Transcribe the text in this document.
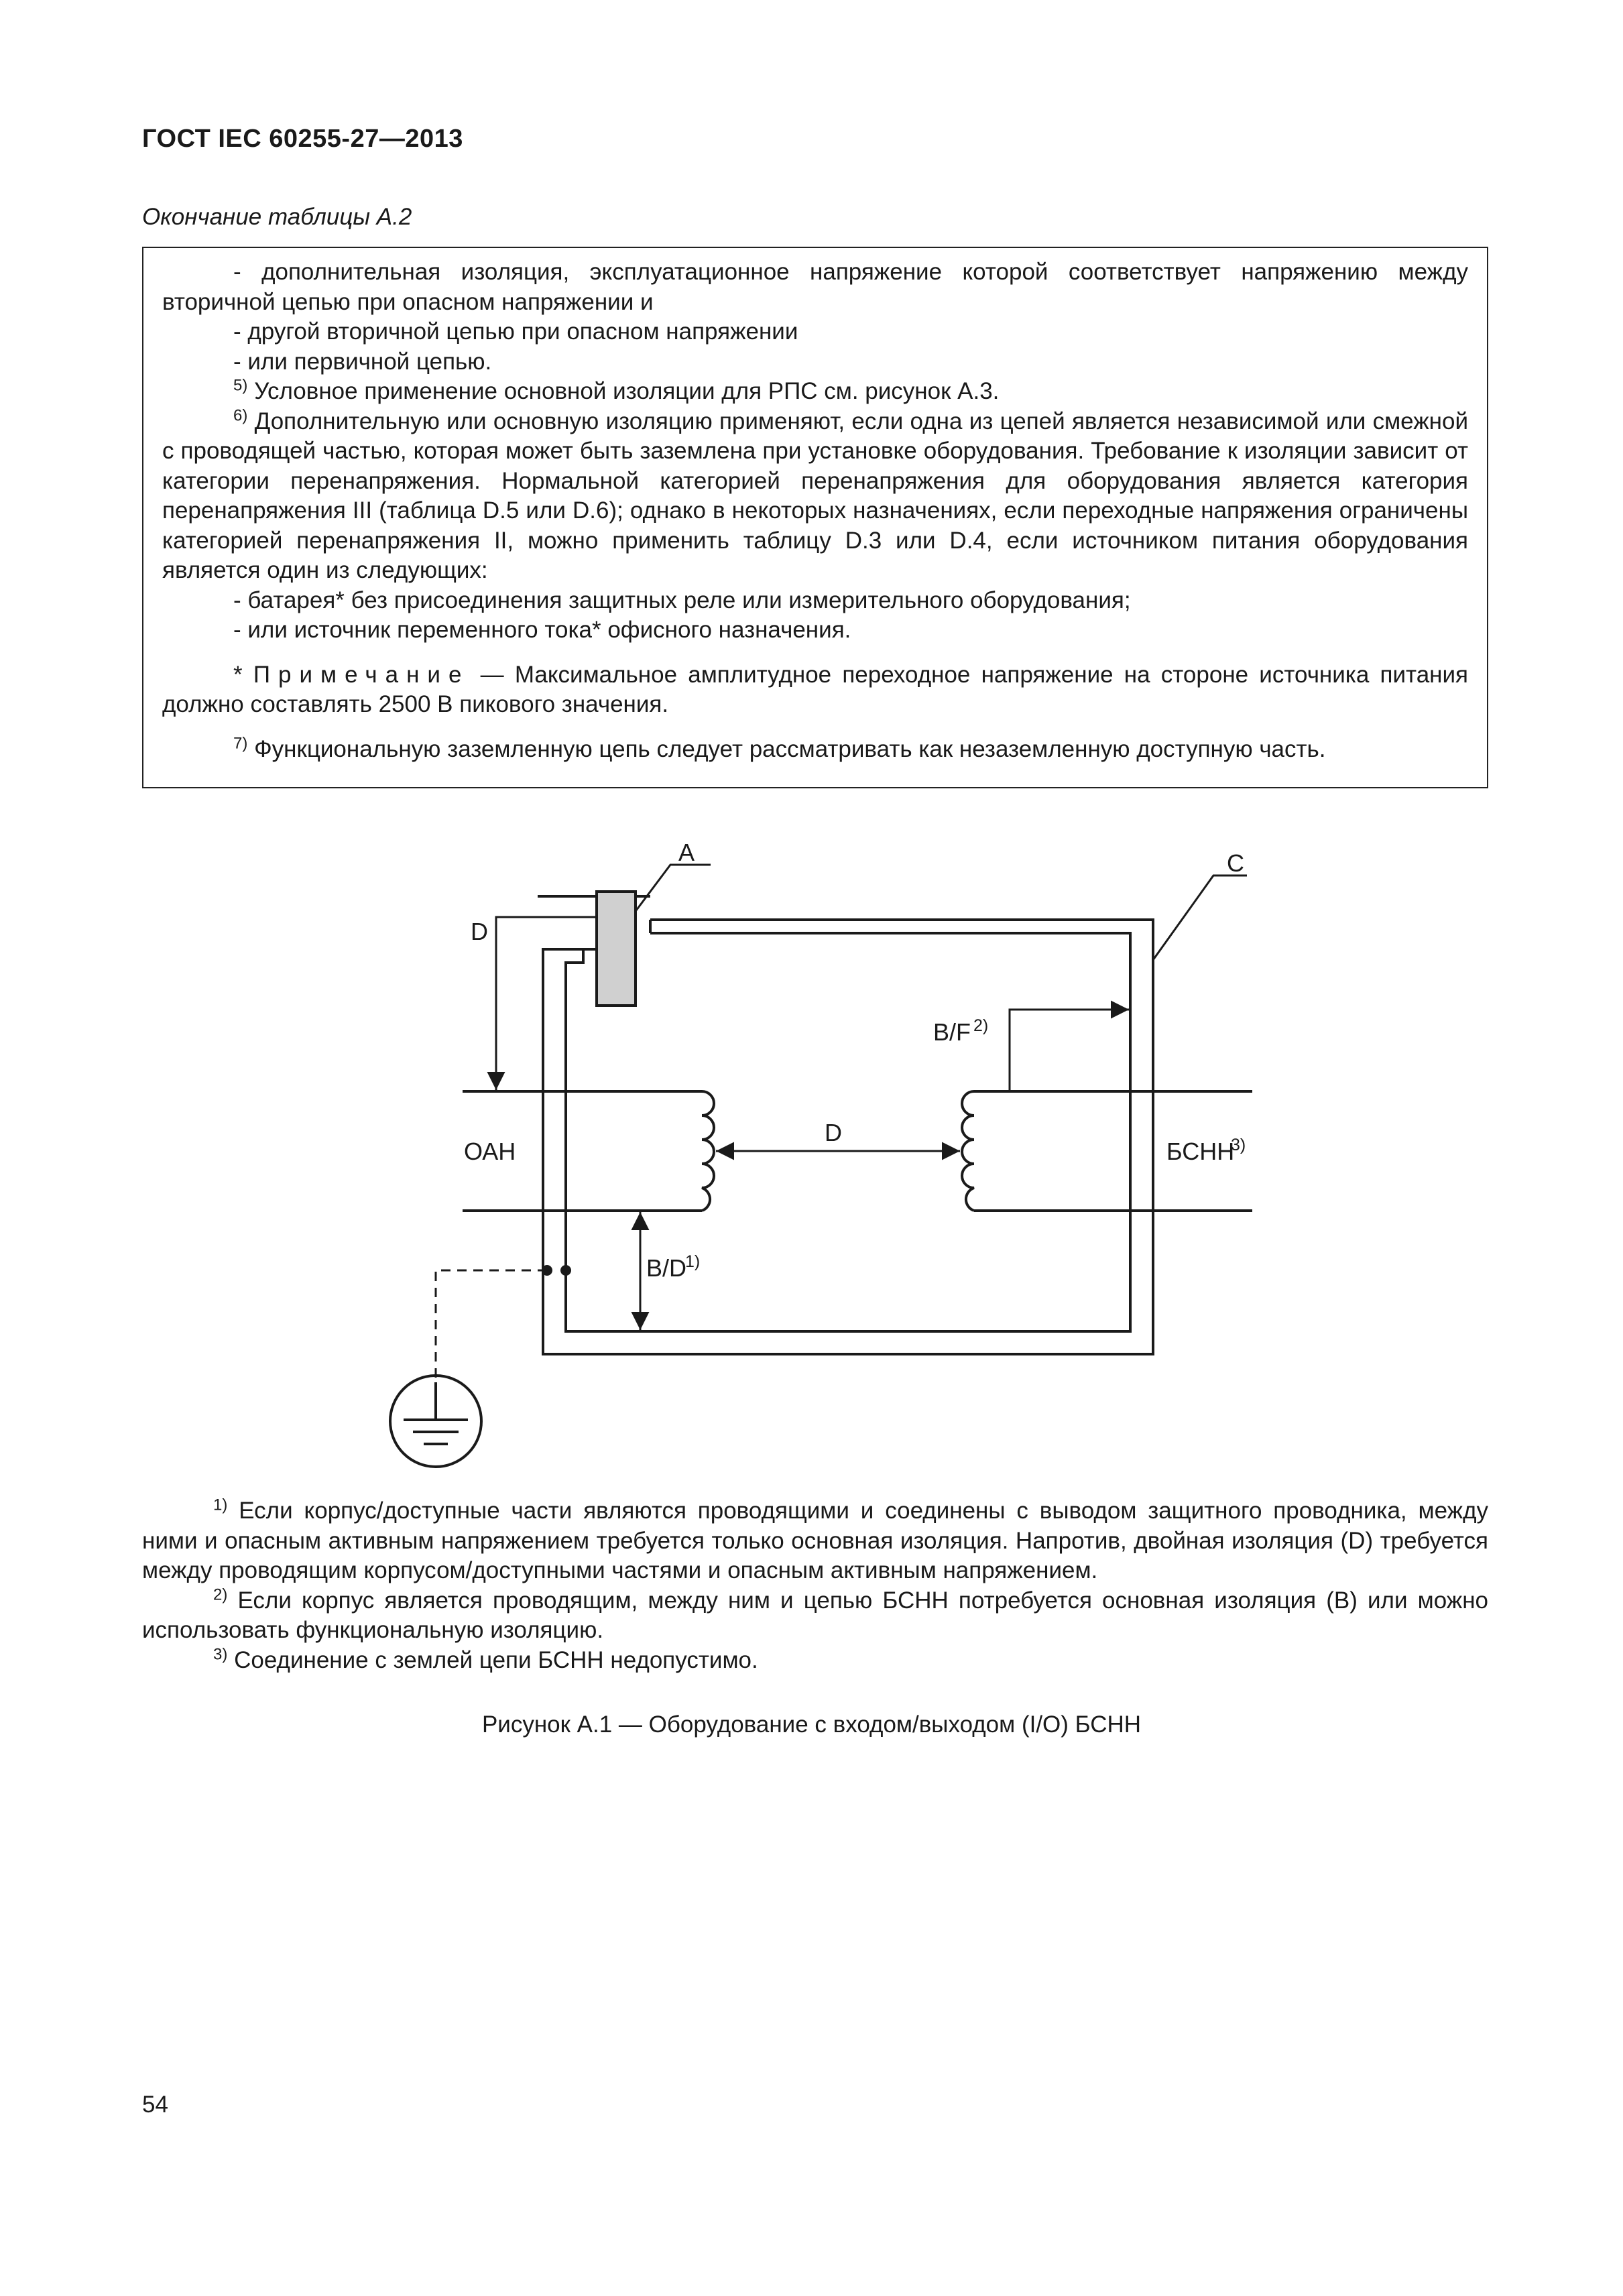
ГОСТ IEC 60255-27—2013
Окончание таблицы А.2

- дополнительная изоляция, эксплуатационное напряжение которой соответствует напряжению между вторичной цепью при опасном напряжении и

- другой вторичной цепью при опасном напряжении

- или первичной цепью.

$^{5)}$ Условное применение основной изоляции для РПС см. рисунок А.3.

$^{6)}$ Дополнительную или основную изоляцию применяют, если одна из цепей является независимой или смежной с проводящей частью, которая может быть заземлена при установке оборудования. Требование к изоляции зависит от категории перенапряжения. Нормальной категорией перенапряжения для оборудования является категория перенапряжения III (таблица D.5 или D.6); однако в некоторых назначениях, если переходные напряжения ограничены категорией перенапряжения II, можно применить таблицу D.3 или D.4, если источником питания оборудования является один из следующих:

- батарея* без присоединения защитных реле или измерительного оборудования;

- или источник переменного тока* офисного назначения.

* Примечание — Максимальное амплитудное переходное напряжение на стороне источника питания должно составлять 2500 В пикового значения.

$^{7)}$ Функциональную заземленную цепь следует рассматривать как незаземленную доступную часть.

A	C
D
B/F 2)
ОАН
D
БСНН
3)
B/D
1)

$^{1)}$ Если корпус/доступные части являются проводящими и соединены с выводом защитного проводника, между ними и опасным активным напряжением требуется только основная изоляция. Напротив, двойная изоляция (D) требуется между проводящим корпусом/доступными частями и опасным активным напряжением.

$^{2)}$ Если корпус является проводящим, между ним и цепью БСНН потребуется основная изоляция (В) или можно использовать функциональную изоляцию.

$^{3)}$ Соединение с землей цепи БСНН недопустимо.

Рисунок А.1 — Оборудование с входом/выходом (I/O) БСНН
54
